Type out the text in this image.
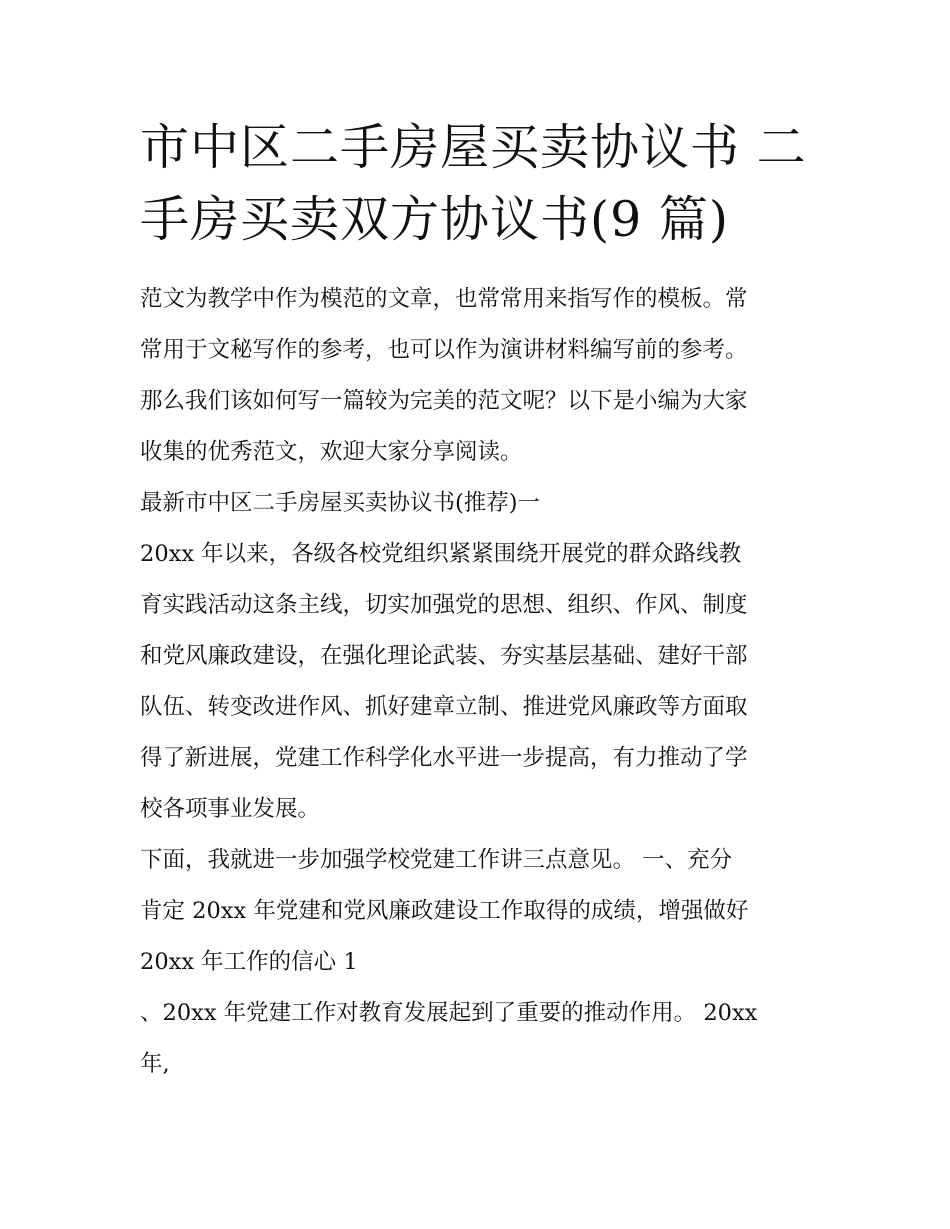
市中区二手房屋买卖协议书 二
手房买卖双方协议书(9 篇)
范文为教学中作为模范的文章，也常常用来指写作的模板。常
常用于文秘写作的参考，也可以作为演讲材料编写前的参考。
那么我们该如何写一篇较为完美的范文呢？以下是小编为大家
收集的优秀范文，欢迎大家分享阅读。
最新市中区二手房屋买卖协议书(推荐)一
20xx 年以来，各级各校党组织紧紧围绕开展党的群众路线教
育实践活动这条主线，切实加强党的思想、组织、作风、制度
和党风廉政建设，在强化理论武装、夯实基层基础、建好干部
队伍、转变改进作风、抓好建章立制、推进党风廉政等方面取
得了新进展，党建工作科学化水平进一步提高，有力推动了学
校各项事业发展。
下面，我就进一步加强学校党建工作讲三点意见。 一、充分
肯定 20xx 年党建和党风廉政建设工作取得的成绩，增强做好
20xx 年工作的信心 1
、20xx 年党建工作对教育发展起到了重要的推动作用。 20xx
年,
